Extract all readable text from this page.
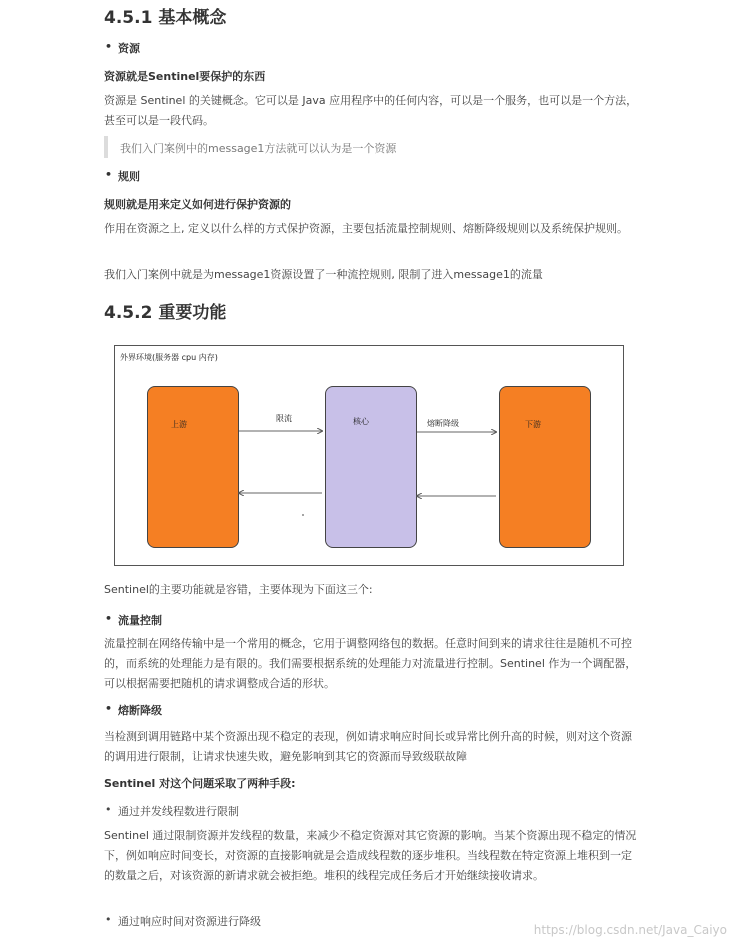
4.5.1 基本概念
• 资源
资源就是Sentinel要保护的东西
资源是 Sentinel 的关键概念。它可以是 Java 应用程序中的任何内容，可以是一个服务，也可以是一个方法，甚至可以是一段代码。
我们入门案例中的message1方法就可以认为是一个资源
• 规则
规则就是用来定义如何进行保护资源的
作用在资源之上, 定义以什么样的方式保护资源，主要包括流量控制规则、熔断降级规则以及系统保护规则。
我们入门案例中就是为message1资源设置了一种流控规则, 限制了进入message1的流量
4.5.2 重要功能
外界环境(服务器 cpu 内存)
上游	核心	下游
限流
熔断降级
Sentinel的主要功能就是容错，主要体现为下面这三个:
• 流量控制
流量控制在网络传输中是一个常用的概念，它用于调整网络包的数据。任意时间到来的请求往往是随机不可控的，而系统的处理能力是有限的。我们需要根据系统的处理能力对流量进行控制。Sentinel 作为一个调配器，可以根据需要把随机的请求调整成合适的形状。
• 熔断降级
当检测到调用链路中某个资源出现不稳定的表现，例如请求响应时间长或异常比例升高的时候，则对这个资源的调用进行限制，让请求快速失败，避免影响到其它的资源而导致级联故障
Sentinel 对这个问题采取了两种手段:
• 通过并发线程数进行限制
Sentinel 通过限制资源并发线程的数量，来减少不稳定资源对其它资源的影响。当某个资源出现不稳定的情况下，例如响应时间变长，对资源的直接影响就是会造成线程数的逐步堆积。当线程数在特定资源上堆积到一定的数量之后，对该资源的新请求就会被拒绝。堆积的线程完成任务后才开始继续接收请求。
• 通过响应时间对资源进行降级
https://blog.csdn.net/Java_Caiyo
